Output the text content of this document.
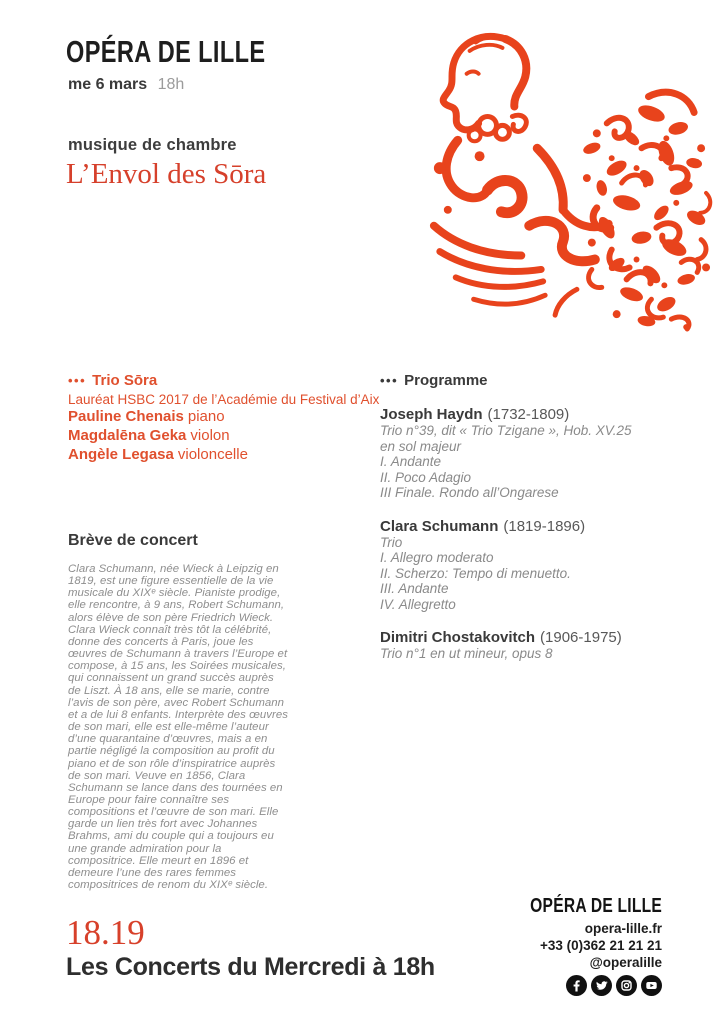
OPÉRA DE LILLE
me 6 mars 18h
musique de chambre
L’Envol des Sōra
••• Trio Sōra
Lauréat HSBC 2017 de l’Académie du Festival d’Aix
Pauline Chenais piano
Magdalēna Geka violon
Angèle Legasa violoncelle
••• Programme
Joseph Haydn (1732-1809)
Trio n°39, dit « Trio Tzigane », Hob. XV.25
en sol majeur
I. Andante
II. Poco Adagio
III Finale. Rondo all’Ongarese
Clara Schumann (1819-1896)
Trio
I. Allegro moderato
II. Scherzo: Tempo di menuetto.
III. Andante
IV. Allegretto
Dimitri Chostakovitch (1906-1975)
Trio n°1 en ut mineur, opus 8
Brève de concert
Clara Schumann, née Wieck à Leipzig en 1819, est une figure essentielle de la vie musicale du XIXᵉ siècle. Pianiste prodige, elle rencontre, à 9 ans, Robert Schumann, alors élève de son père Friedrich Wieck. Clara Wieck connaît très tôt la célébrité, donne des concerts à Paris, joue les œuvres de Schumann à travers l’Europe et compose, à 15 ans, les Soirées musicales, qui connaissent un grand succès auprès de Liszt. À 18 ans, elle se marie, contre l’avis de son père, avec Robert Schumann et a de lui 8 enfants. Interprète des œuvres de son mari, elle est elle-même l’auteur d’une quarantaine d’œuvres, mais a en partie négligé la composition au profit du piano et de son rôle d’inspiratrice auprès de son mari. Veuve en 1856, Clara Schumann se lance dans des tournées en Europe pour faire connaître ses compositions et l’œuvre de son mari. Elle garde un lien très fort avec Johannes Brahms, ami du couple qui a toujours eu une grande admiration pour la compositrice. Elle meurt en 1896 et demeure l’une des rares femmes compositrices de renom du XIXᵉ siècle.
18.19
Les Concerts du Mercredi à 18h
OPÉRA DE LILLE
opera-lille.fr
+33 (0)362 21 21 21
@operalille
